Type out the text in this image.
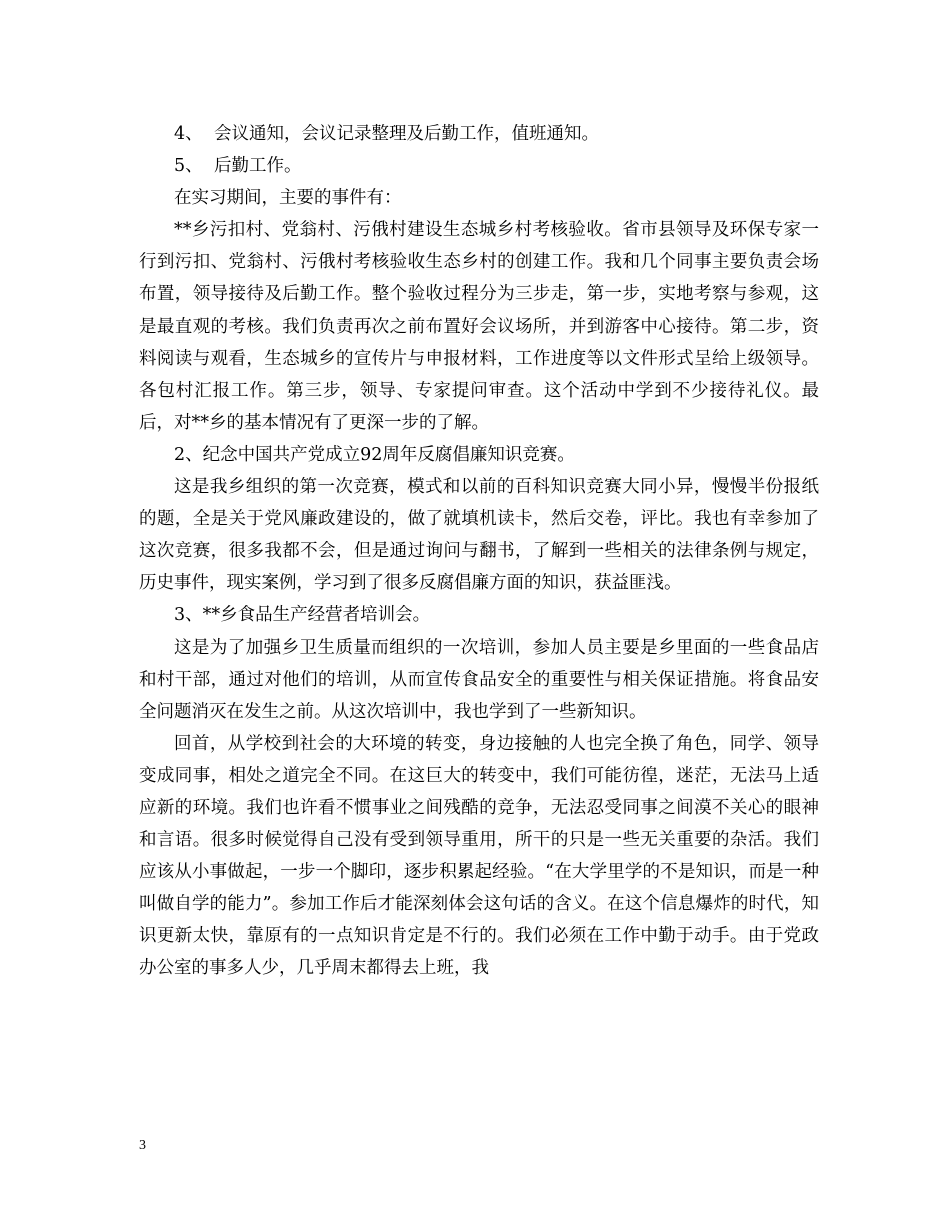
4、 会议通知，会议记录整理及后勤工作，值班通知。

5、 后勤工作。

在实习期间，主要的事件有：

**乡污扣村、党翁村、污俄村建设生态城乡村考核验收。省市县领导及环保专家一行到污扣、党翁村、污俄村考核验收生态乡村的创建工作。我和几个同事主要负责会场布置，领导接待及后勤工作。整个验收过程分为三步走，第一步，实地考察与参观，这是最直观的考核。我们负责再次之前布置好会议场所，并到游客中心接待。第二步，资料阅读与观看，生态城乡的宣传片与申报材料，工作进度等以文件形式呈给上级领导。各包村汇报工作。第三步，领导、专家提问审查。这个活动中学到不少接待礼仪。最后，对**乡的基本情况有了更深一步的了解。

2、纪念中国共产党成立92周年反腐倡廉知识竞赛。

这是我乡组织的第一次竞赛，模式和以前的百科知识竞赛大同小异，慢慢半份报纸的题，全是关于党风廉政建设的，做了就填机读卡，然后交卷，评比。我也有幸参加了这次竞赛，很多我都不会，但是通过询问与翻书，了解到一些相关的法律条例与规定，历史事件，现实案例，学习到了很多反腐倡廉方面的知识，获益匪浅。

3、**乡食品生产经营者培训会。

这是为了加强乡卫生质量而组织的一次培训，参加人员主要是乡里面的一些食品店和村干部，通过对他们的培训，从而宣传食品安全的重要性与相关保证措施。将食品安全问题消灭在发生之前。从这次培训中，我也学到了一些新知识。

回首，从学校到社会的大环境的转变，身边接触的人也完全换了角色，同学、领导变成同事，相处之道完全不同。在这巨大的转变中，我们可能彷徨，迷茫，无法马上适应新的环境。我们也许看不惯事业之间残酷的竞争，无法忍受同事之间漠不关心的眼神和言语。很多时候觉得自己没有受到领导重用，所干的只是一些无关重要的杂活。我们应该从小事做起，一步一个脚印，逐步积累起经验。“在大学里学的不是知识，而是一种叫做自学的能力”。参加工作后才能深刻体会这句话的含义。在这个信息爆炸的时代，知识更新太快，靠原有的一点知识肯定是不行的。我们必须在工作中勤于动手。由于党政办公室的事多人少，几乎周末都得去上班，我

3
